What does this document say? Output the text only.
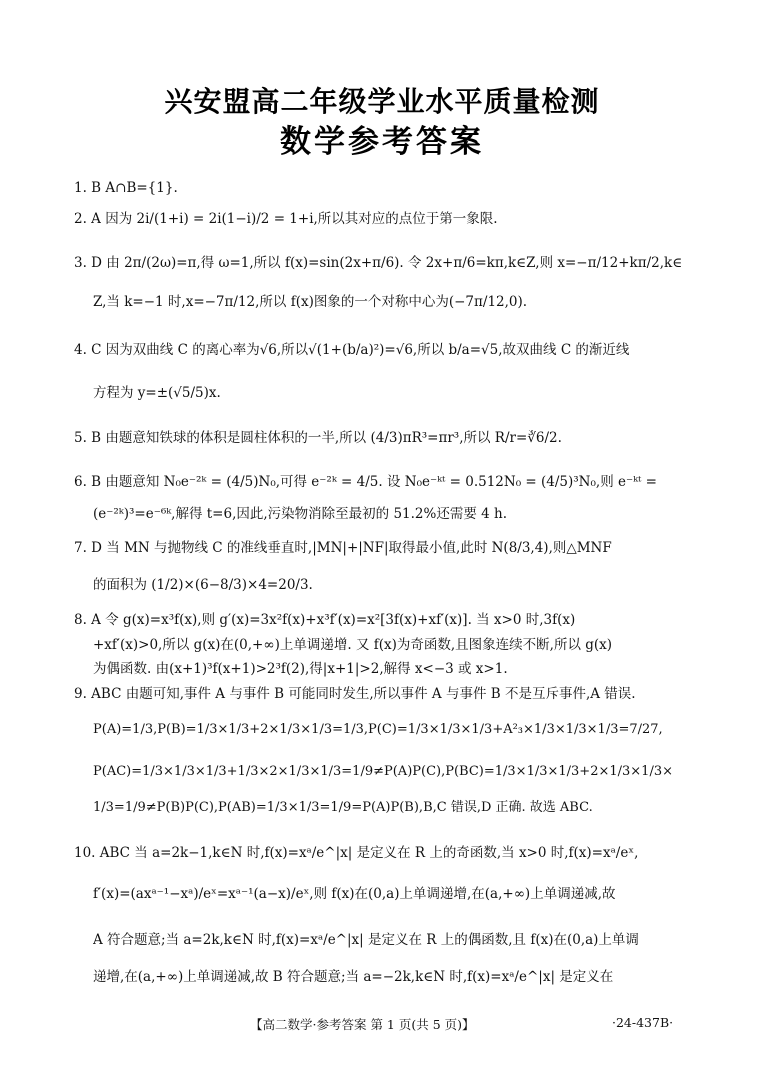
兴安盟高二年级学业水平质量检测
数学参考答案
1. B A∩B={1}.
2. A 因为 2i/(1+i) = 2i(1−i)/2 = 1+i,所以其对应的点位于第一象限.
3. D 由 2π/(2ω)=π,得 ω=1,所以 f(x)=sin(2x+π/6). 令 2x+π/6=kπ,k∈Z,则 x=−π/12+kπ/2,k∈
Z,当 k=−1 时,x=−7π/12,所以 f(x)图象的一个对称中心为(−7π/12,0).
4. C 因为双曲线 C 的离心率为√6,所以√(1+(b/a)²)=√6,所以 b/a=√5,故双曲线 C 的渐近线
方程为 y=±(√5/5)x.
5. B 由题意知铁球的体积是圆柱体积的一半,所以 (4/3)πR³=πr³,所以 R/r=∛6/2.
6. B 由题意知 N₀e⁻²ᵏ = (4/5)N₀,可得 e⁻²ᵏ = 4/5. 设 N₀e⁻ᵏᵗ = 0.512N₀ = (4/5)³N₀,则 e⁻ᵏᵗ =
(e⁻²ᵏ)³=e⁻⁶ᵏ,解得 t=6,因此,污染物消除至最初的 51.2%还需要 4 h.
7. D 当 MN 与抛物线 C 的准线垂直时,|MN|+|NF|取得最小值,此时 N(8/3,4),则△MNF
的面积为 (1/2)×(6−8/3)×4=20/3.
8. A 令 g(x)=x³f(x),则 g′(x)=3x²f(x)+x³f′(x)=x²[3f(x)+xf′(x)]. 当 x>0 时,3f(x)
+xf′(x)>0,所以 g(x)在(0,+∞)上单调递增. 又 f(x)为奇函数,且图象连续不断,所以 g(x)
为偶函数. 由(x+1)³f(x+1)>2³f(2),得|x+1|>2,解得 x<−3 或 x>1.
9. ABC 由题可知,事件 A 与事件 B 可能同时发生,所以事件 A 与事件 B 不是互斥事件,A 错误.
P(A)=1/3,P(B)=1/3×1/3+2×1/3×1/3=1/3,P(C)=1/3×1/3×1/3+A²₃×1/3×1/3×1/3=7/27,
P(AC)=1/3×1/3×1/3+1/3×2×1/3×1/3=1/9≠P(A)P(C),P(BC)=1/3×1/3×1/3+2×1/3×1/3×
1/3=1/9≠P(B)P(C),P(AB)=1/3×1/3=1/9=P(A)P(B),B,C 错误,D 正确. 故选 ABC.
10. ABC 当 a=2k−1,k∈N 时,f(x)=xᵃ/e^|x| 是定义在 R 上的奇函数,当 x>0 时,f(x)=xᵃ/eˣ,
f′(x)=(axᵃ⁻¹−xᵃ)/eˣ=xᵃ⁻¹(a−x)/eˣ,则 f(x)在(0,a)上单调递增,在(a,+∞)上单调递减,故
A 符合题意;当 a=2k,k∈N 时,f(x)=xᵃ/e^|x| 是定义在 R 上的偶函数,且 f(x)在(0,a)上单调
递增,在(a,+∞)上单调递减,故 B 符合题意;当 a=−2k,k∈N 时,f(x)=xᵃ/e^|x| 是定义在
【高二数学·参考答案 第 1 页(共 5 页)】	·24-437B·
